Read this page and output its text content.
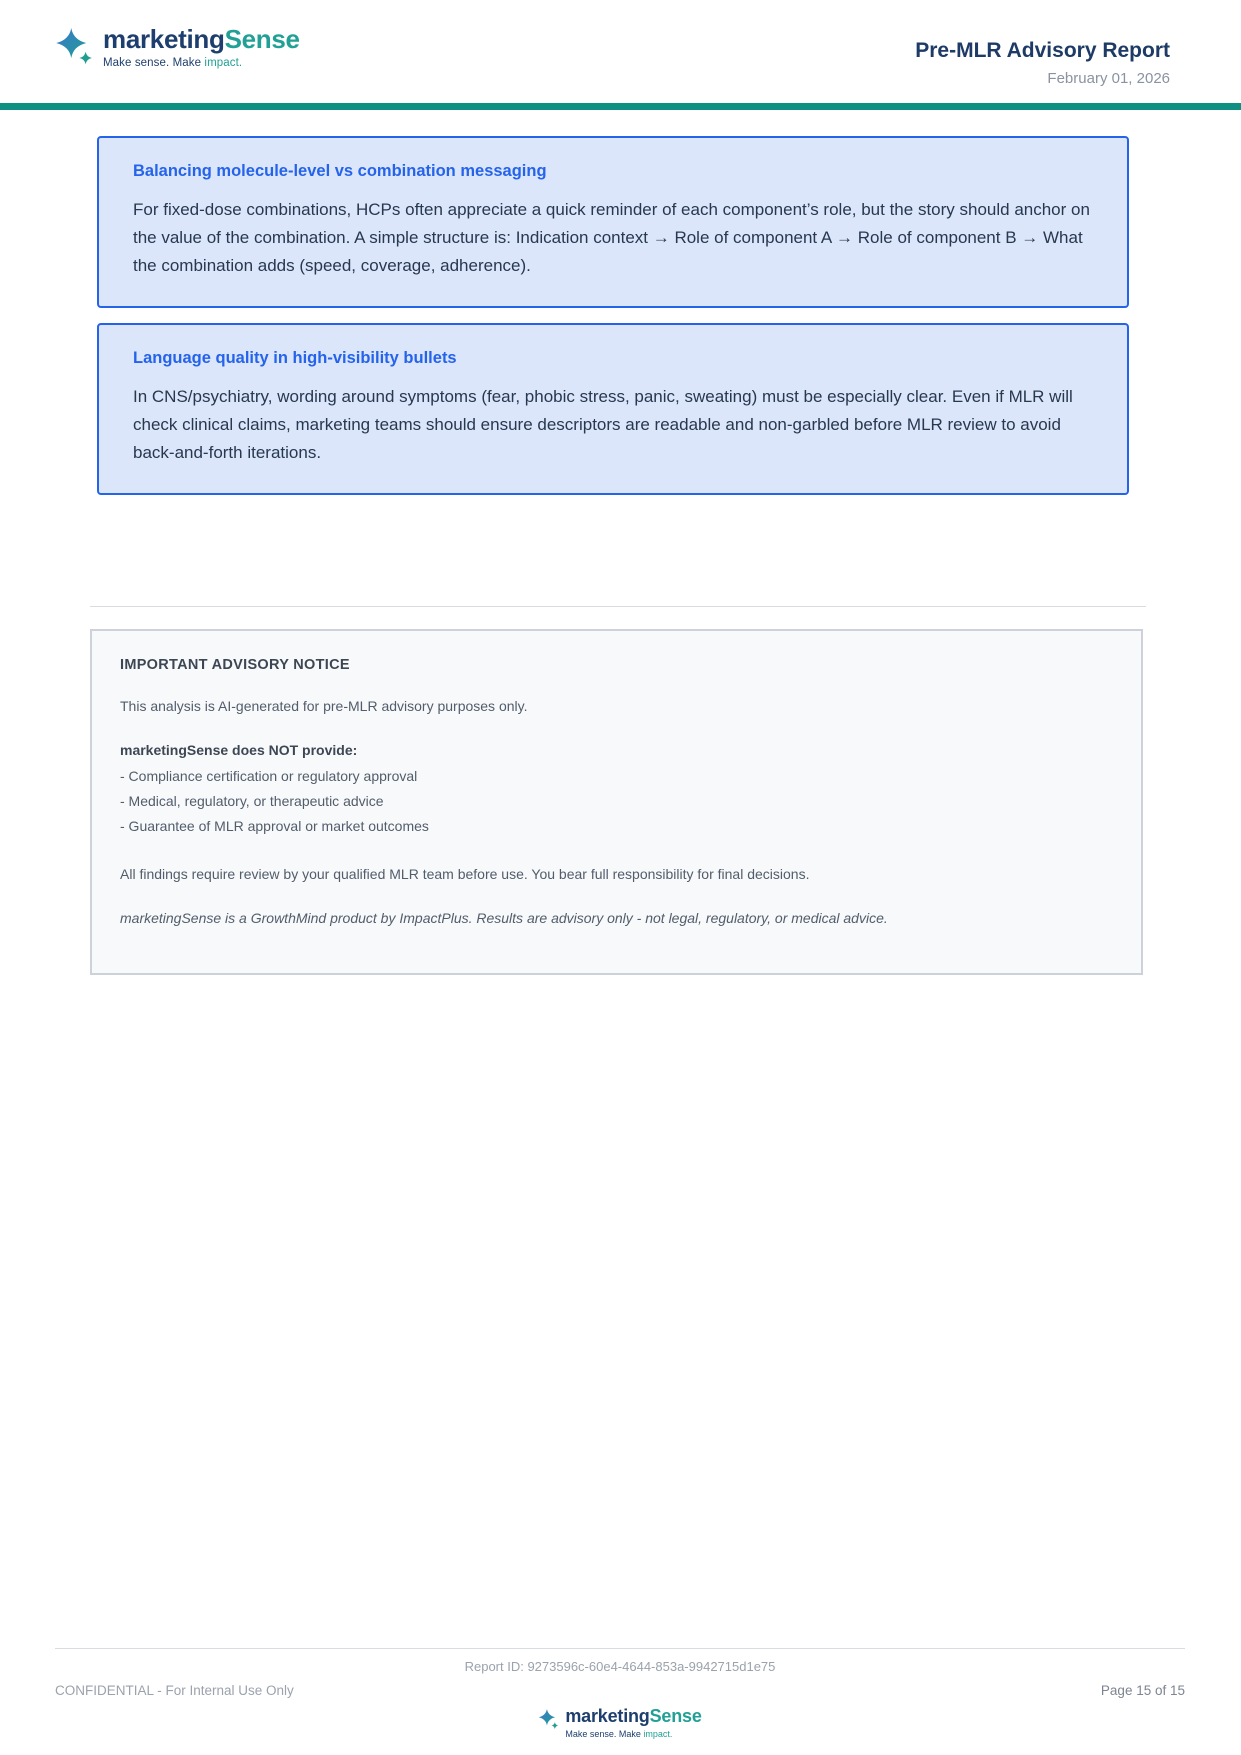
marketingSense
Make sense. Make impact.
Pre-MLR Advisory Report
February 01, 2026
Balancing molecule-level vs combination messaging
For fixed-dose combinations, HCPs often appreciate a quick reminder of each component’s role, but the story should anchor on the value of the combination. A simple structure is: Indication context → Role of component A → Role of component B → What the combination adds (speed, coverage, adherence).
Language quality in high-visibility bullets
In CNS/psychiatry, wording around symptoms (fear, phobic stress, panic, sweating) must be especially clear. Even if MLR will check clinical claims, marketing teams should ensure descriptors are readable and non-garbled before MLR review to avoid back-and-forth iterations.
IMPORTANT ADVISORY NOTICE

This analysis is AI-generated for pre-MLR advisory purposes only.

marketingSense does NOT provide:

- Compliance certification or regulatory approval
- Medical, regulatory, or therapeutic advice
- Guarantee of MLR approval or market outcomes

All findings require review by your qualified MLR team before use. You bear full responsibility for final decisions.

marketingSense is a GrowthMind product by ImpactPlus. Results are advisory only - not legal, regulatory, or medical advice.

Report ID: 9273596c-60e4-4644-853a-9942715d1e75
CONFIDENTIAL - For Internal Use Only	Page 15 of 15
marketingSense
Make sense. Make impact.
